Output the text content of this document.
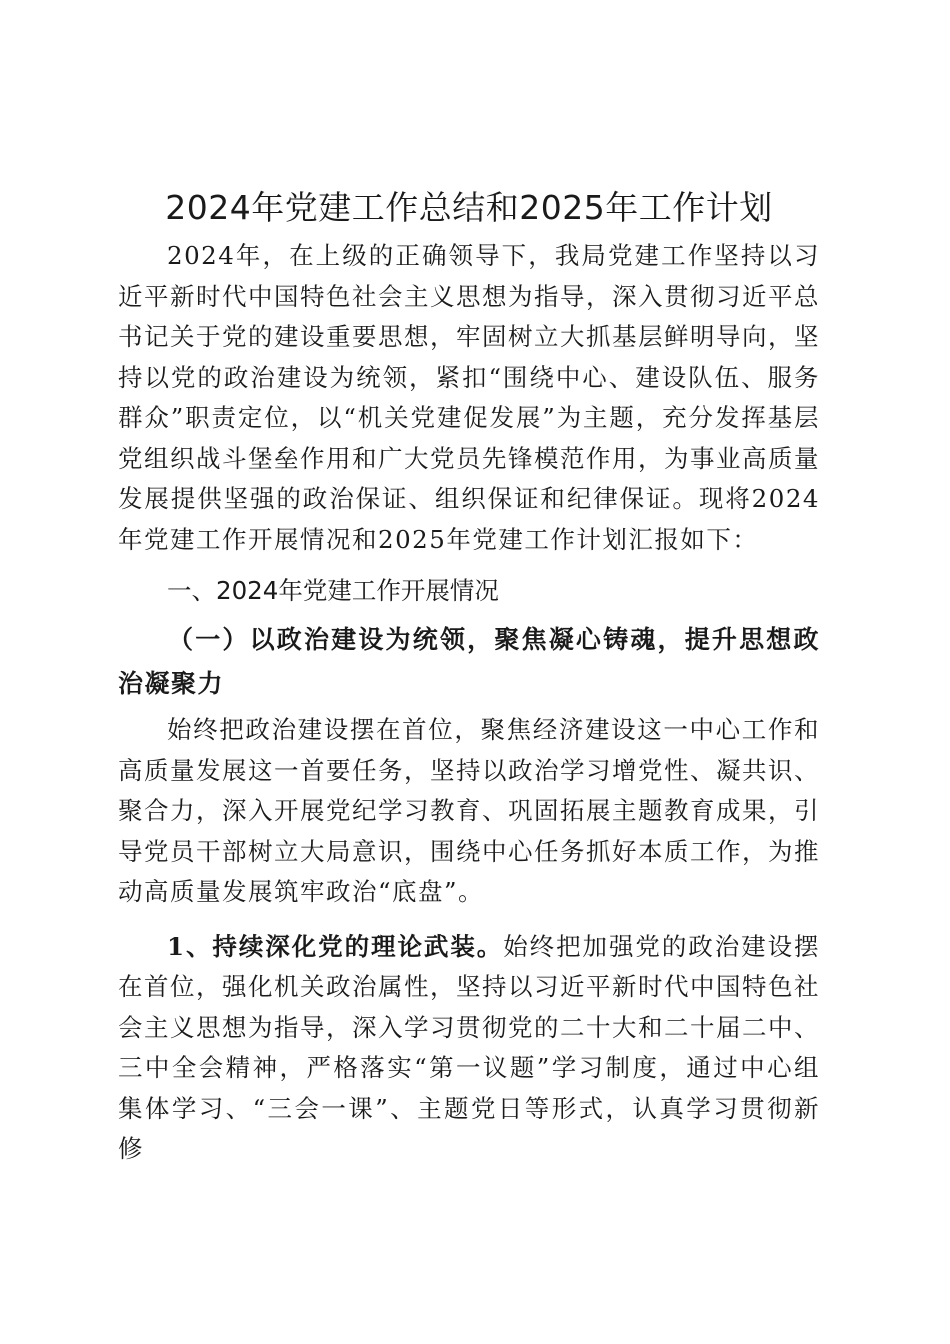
2024年党建工作总结和2025年工作计划

2024年，在上级的正确领导下，我局党建工作坚持以习近平新时代中国特色社会主义思想为指导，深入贯彻习近平总书记关于党的建设重要思想，牢固树立大抓基层鲜明导向，坚持以党的政治建设为统领，紧扣“围绕中心、建设队伍、服务群众”职责定位，以“机关党建促发展”为主题，充分发挥基层党组织战斗堡垒作用和广大党员先锋模范作用，为事业高质量发展提供坚强的政治保证、组织保证和纪律保证。现将2024年党建工作开展情况和2025年党建工作计划汇报如下：

一、2024年党建工作开展情况
（一）以政治建设为统领，聚焦凝心铸魂，提升思想政治凝聚力

始终把政治建设摆在首位，聚焦经济建设这一中心工作和高质量发展这一首要任务，坚持以政治学习增党性、凝共识、聚合力，深入开展党纪学习教育、巩固拓展主题教育成果，引导党员干部树立大局意识，围绕中心任务抓好本质工作，为推动高质量发展筑牢政治“底盘”。

1、持续深化党的理论武装。始终把加强党的政治建设摆在首位，强化机关政治属性，坚持以习近平新时代中国特色社会主义思想为指导，深入学习贯彻党的二十大和二十届二中、三中全会精神，严格落实“第一议题”学习制度，通过中心组集体学习、“三会一课”、主题党日等形式，认真学习贯彻新修
